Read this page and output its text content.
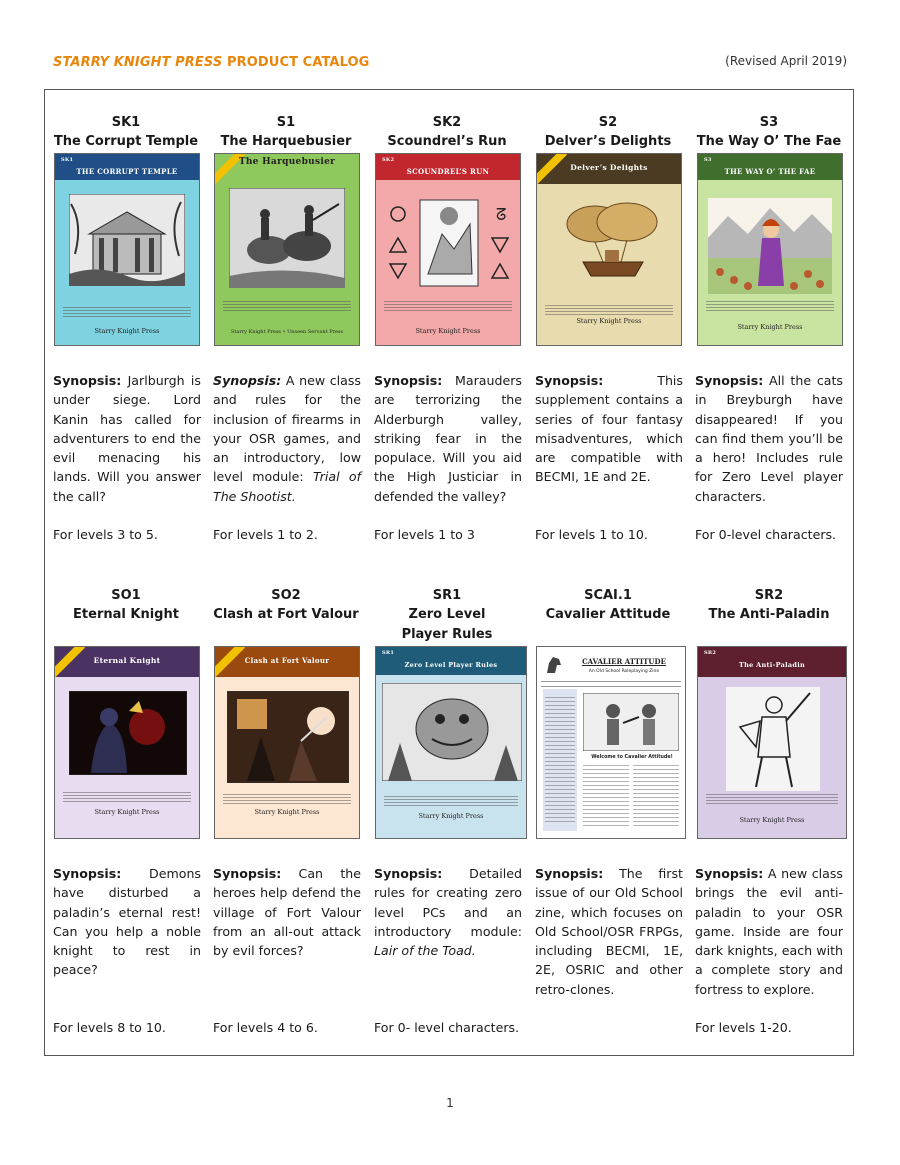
STARRY KNIGHT PRESS PRODUCT CATALOG	(Revised April 2019)
SK1
The Corrupt Temple
SK1
THE CORRUPT TEMPLE
Starry Knight Press
Synopsis: Jarlburgh is under siege. Lord Kanin has called for adventurers to end the evil menacing his lands. Will you answer the call?
For levels 3 to 5.
S1
The Harquebusier
The Harquebusier
Starry Knight Press • Unseen Servant Press
Synopsis: A new class and rules for the inclusion of firearms in your OSR games, and an introductory, low level module: Trial of The Shootist.
For levels 1 to 2.
SK2
Scoundrel’s Run
SK2
SCOUNDREL’S RUN
ᘔ
Starry Knight Press
Synopsis: Marauders are terrorizing the Alderburgh valley, striking fear in the populace. Will you aid the High Justiciar in defended the valley?
For levels 1 to 3
S2
Delver’s Delights
Delver’s Delights
Starry Knight Press
Synopsis:	This supplement contains a series of four fantasy misadventures, which are compatible with BECMI, 1E and 2E.
For levels 1 to 10.
S3
The Way O’ The Fae
S3
THE WAY O’ THE FAE
Starry Knight Press
Synopsis: All the cats in Breyburgh have disappeared! If you can find them you’ll be a hero! Includes rule for Zero Level player characters.
For 0-level characters.
SO1
Eternal Knight
Eternal Knight
Starry Knight Press
Synopsis: Demons have disturbed a paladin’s eternal rest! Can you help a noble knight to rest in peace?
For levels 8 to 10.
SO2
Clash at Fort Valour
Clash at Fort Valour
Starry Knight Press
Synopsis: Can the heroes help defend the village of Fort Valour from an all-out attack by evil forces?
For levels 4 to 6.
SR1
Zero Level
Player Rules
SR1
Zero Level Player Rules
Starry Knight Press
Synopsis: Detailed rules for creating zero level PCs and an introductory module: Lair of the Toad.
For 0- level characters.
SCAI.1
Cavalier Attitude
CAVALIER ATTITUDE
An Old School Roleplaying Zine
Welcome to Cavalier Attitude!
Synopsis: The first issue of our Old School zine, which focuses on Old School/OSR FRPGs, including BECMI, 1E, 2E, OSRIC and other retro-clones.
SR2
The Anti-Paladin
SR2
The Anti-Paladin
Starry Knight Press
Synopsis: A new class brings the evil anti-paladin to your OSR game. Inside are four dark knights, each with a complete story and fortress to explore.
For levels 1-20.
1
